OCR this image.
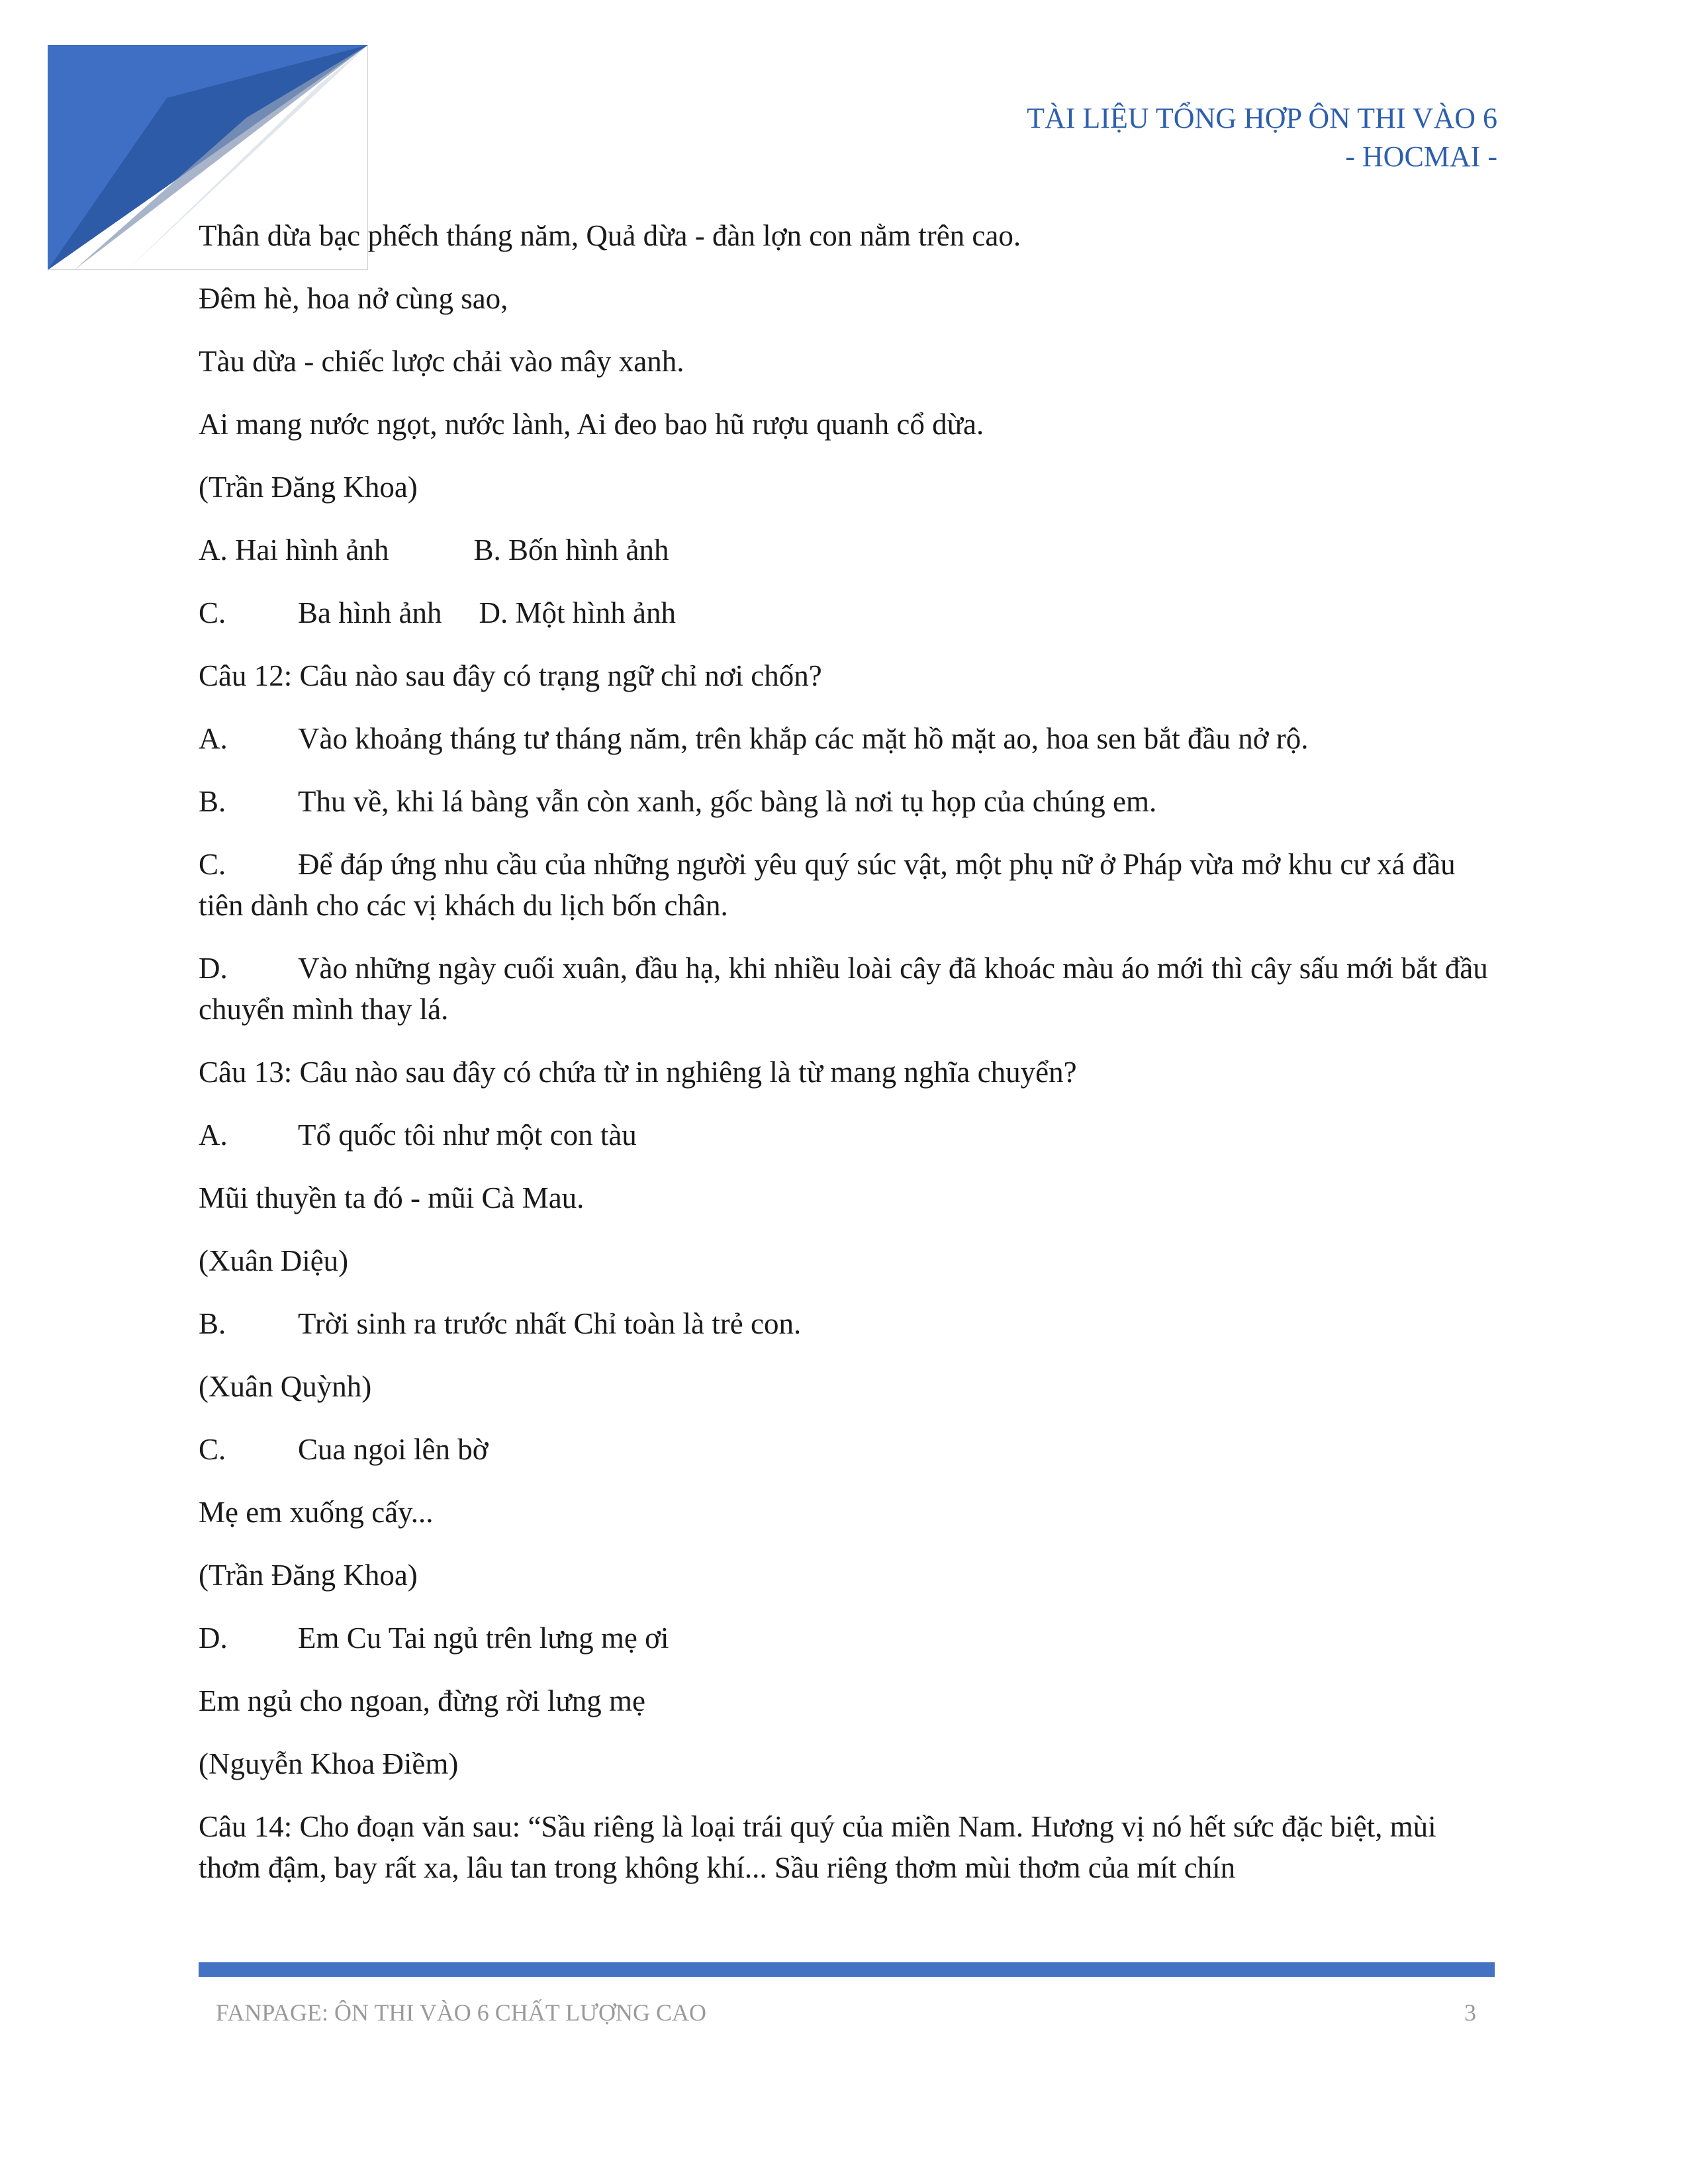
TÀI LIỆU TỔNG HỢP ÔN THI VÀO 6
- HOCMAI -

Thân dừa bạc phếch tháng năm, Quả dừa - đàn lợn con nằm trên cao.

Đêm hè, hoa nở cùng sao,

Tàu dừa - chiếc lược chải vào mây xanh.

Ai mang nước ngọt, nước lành, Ai đeo bao hũ rượu quanh cổ dừa.

(Trần Đăng Khoa)

A. Hai hình ảnh	B. Bốn hình ảnh

C. Ba hình ảnh D. Một hình ảnh

Câu 12: Câu nào sau đây có trạng ngữ chỉ nơi chốn?

A. Vào khoảng tháng tư tháng năm, trên khắp các mặt hồ mặt ao, hoa sen bắt đầu nở rộ.

B. Thu về, khi lá bàng vẫn còn xanh, gốc bàng là nơi tụ họp của chúng em.

C. Để đáp ứng nhu cầu của những người yêu quý súc vật, một phụ nữ ở Pháp vừa mở khu cư xá đầu tiên dành cho các vị khách du lịch bốn chân.

D. Vào những ngày cuối xuân, đầu hạ, khi nhiều loài cây đã khoác màu áo mới thì cây sấu mới bắt đầu chuyển mình thay lá.

Câu 13: Câu nào sau đây có chứa từ in nghiêng là từ mang nghĩa chuyển?

A. Tổ quốc tôi như một con tàu

Mũi thuyền ta đó - mũi Cà Mau.

(Xuân Diệu)

B. Trời sinh ra trước nhất Chỉ toàn là trẻ con.

(Xuân Quỳnh)

C. Cua ngoi lên bờ

Mẹ em xuống cấy...

(Trần Đăng Khoa)

D. Em Cu Tai ngủ trên lưng mẹ ơi

Em ngủ cho ngoan, đừng rời lưng mẹ

(Nguyễn Khoa Điềm)

Câu 14: Cho đoạn văn sau: “Sầu riêng là loại trái quý của miền Nam. Hương vị nó hết sức đặc biệt, mùi thơm đậm, bay rất xa, lâu tan trong không khí... Sầu riêng thơm mùi thơm của mít chín

FANPAGE: ÔN THI VÀO 6 CHẤT LƯỢNG CAO	3
